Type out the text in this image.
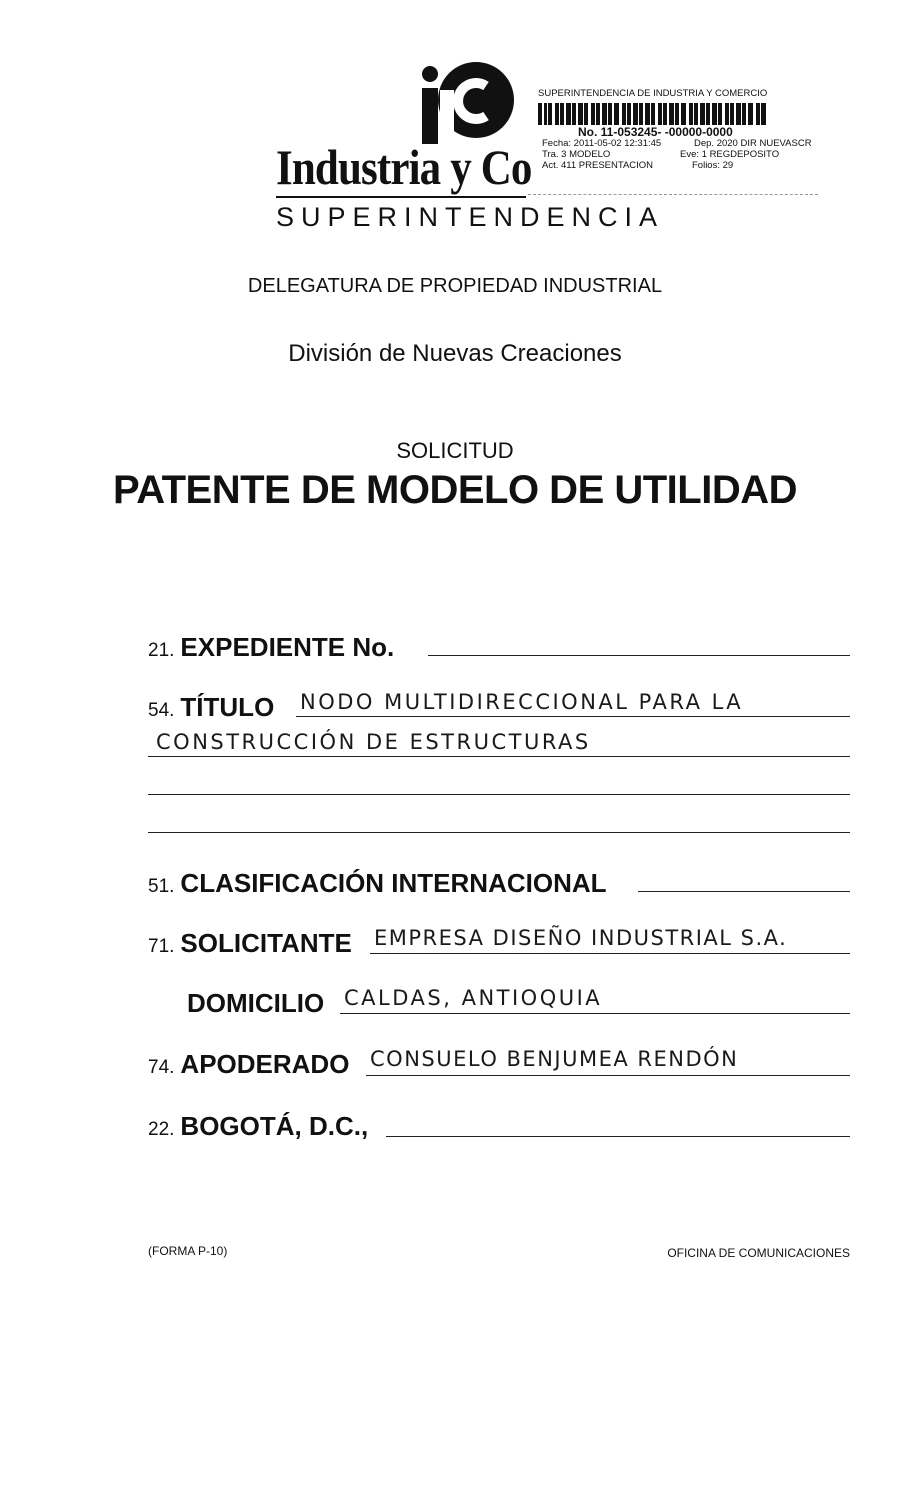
Industria y Co
SUPERINTENDENCIA
SUPERINTENDENCIA DE INDUSTRIA Y COMERCIO
No. 11-053245- -00000-0000
Fecha: 2011-05-02 12:31:45	Dep. 2020 DIR NUEVASCR
Tra. 3 MODELO	Eve: 1 REGDEPOSITO
Act. 411 PRESENTACION	Folios: 29
DELEGATURA DE PROPIEDAD INDUSTRIAL
División de Nuevas Creaciones
SOLICITUD
PATENTE DE MODELO DE UTILIDAD
21. EXPEDIENTE No.
54. TÍTULO NODO MULTIDIRECCIONAL PARA LA
CONSTRUCCIÓN DE ESTRUCTURAS
51. CLASIFICACIÓN INTERNACIONAL
71. SOLICITANTE EMPRESA DISEÑO INDUSTRIAL S.A.
DOMICILIO CALDAS, ANTIOQUIA
74. APODERADO CONSUELO BENJUMEA RENDÓN
22. BOGOTÁ, D.C.,
(FORMA P-10)	OFICINA DE COMUNICACIONES
